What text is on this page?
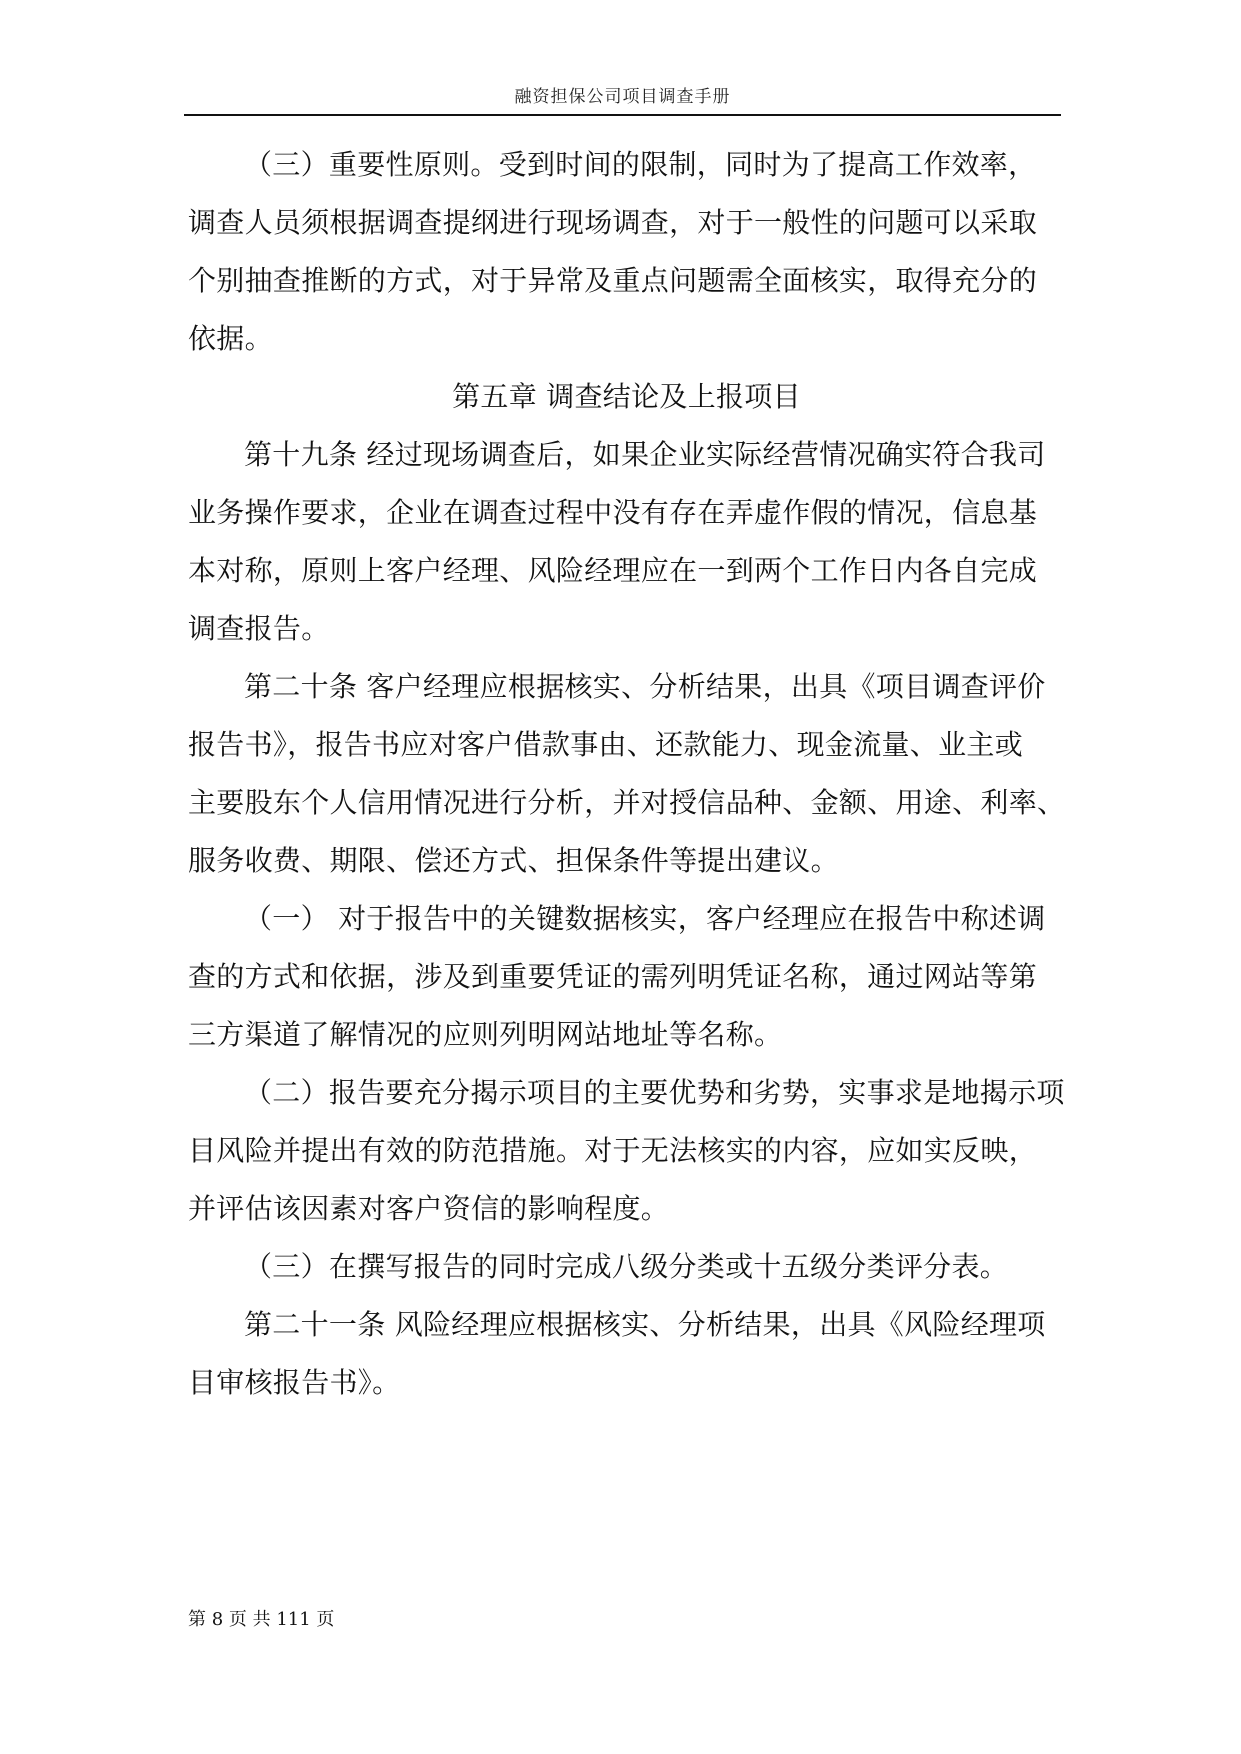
融资担保公司项目调查手册
（三）重要性原则。受到时间的限制，同时为了提高工作效率，
调查人员须根据调查提纲进行现场调查，对于一般性的问题可以采取
个别抽查推断的方式，对于异常及重点问题需全面核实，取得充分的
依据。
第五章 调查结论及上报项目
第十九条 经过现场调查后，如果企业实际经营情况确实符合我司
业务操作要求，企业在调查过程中没有存在弄虚作假的情况，信息基
本对称，原则上客户经理、风险经理应在一到两个工作日内各自完成
调查报告。
第二十条 客户经理应根据核实、分析结果，出具《项目调查评价
报告书》，报告书应对客户借款事由、还款能力、现金流量、业主或
主要股东个人信用情况进行分析，并对授信品种、金额、用途、利率、
服务收费、期限、偿还方式、担保条件等提出建议。
（一） 对于报告中的关键数据核实，客户经理应在报告中称述调
查的方式和依据，涉及到重要凭证的需列明凭证名称，通过网站等第
三方渠道了解情况的应则列明网站地址等名称。
（二）报告要充分揭示项目的主要优势和劣势，实事求是地揭示项
目风险并提出有效的防范措施。对于无法核实的内容，应如实反映，
并评估该因素对客户资信的影响程度。
（三）在撰写报告的同时完成八级分类或十五级分类评分表。
第二十一条 风险经理应根据核实、分析结果，出具《风险经理项
目审核报告书》。
第 8 页 共 111 页
